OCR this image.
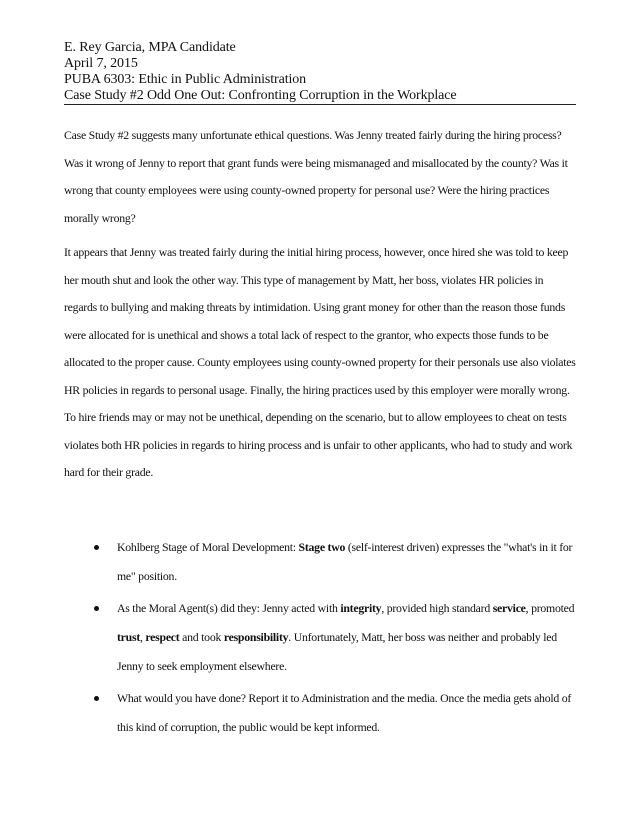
E. Rey Garcia, MPA Candidate
April 7, 2015
PUBA 6303: Ethic in Public Administration
Case Study #2 Odd One Out: Confronting Corruption in the Workplace

Case Study #2 suggests many unfortunate ethical questions. Was Jenny treated fairly during the hiring process? Was it wrong of Jenny to report that grant funds were being mismanaged and misallocated by the county? Was it wrong that county employees were using county-owned property for personal use? Were the hiring practices morally wrong?

It appears that Jenny was treated fairly during the initial hiring process, however, once hired she was told to keep her mouth shut and look the other way. This type of management by Matt, her boss, violates HR policies in regards to bullying and making threats by intimidation. Using grant money for other than the reason those funds were allocated for is unethical and shows a total lack of respect to the grantor, who expects those funds to be allocated to the proper cause. County employees using county-owned property for their personals use also violates HR policies in regards to personal usage. Finally, the hiring practices used by this employer were morally wrong. To hire friends may or may not be unethical, depending on the scenario, but to allow employees to cheat on tests violates both HR policies in regards to hiring process and is unfair to other applicants, who had to study and work hard for their grade.

Kohlberg Stage of Moral Development: Stage two (self-interest driven) expresses the "what's in it for me" position.
As the Moral Agent(s) did they: Jenny acted with integrity, provided high standard service, promoted trust, respect and took responsibility. Unfortunately, Matt, her boss was neither and probably led Jenny to seek employment elsewhere.
What would you have done? Report it to Administration and the media. Once the media gets ahold of this kind of corruption, the public would be kept informed.
